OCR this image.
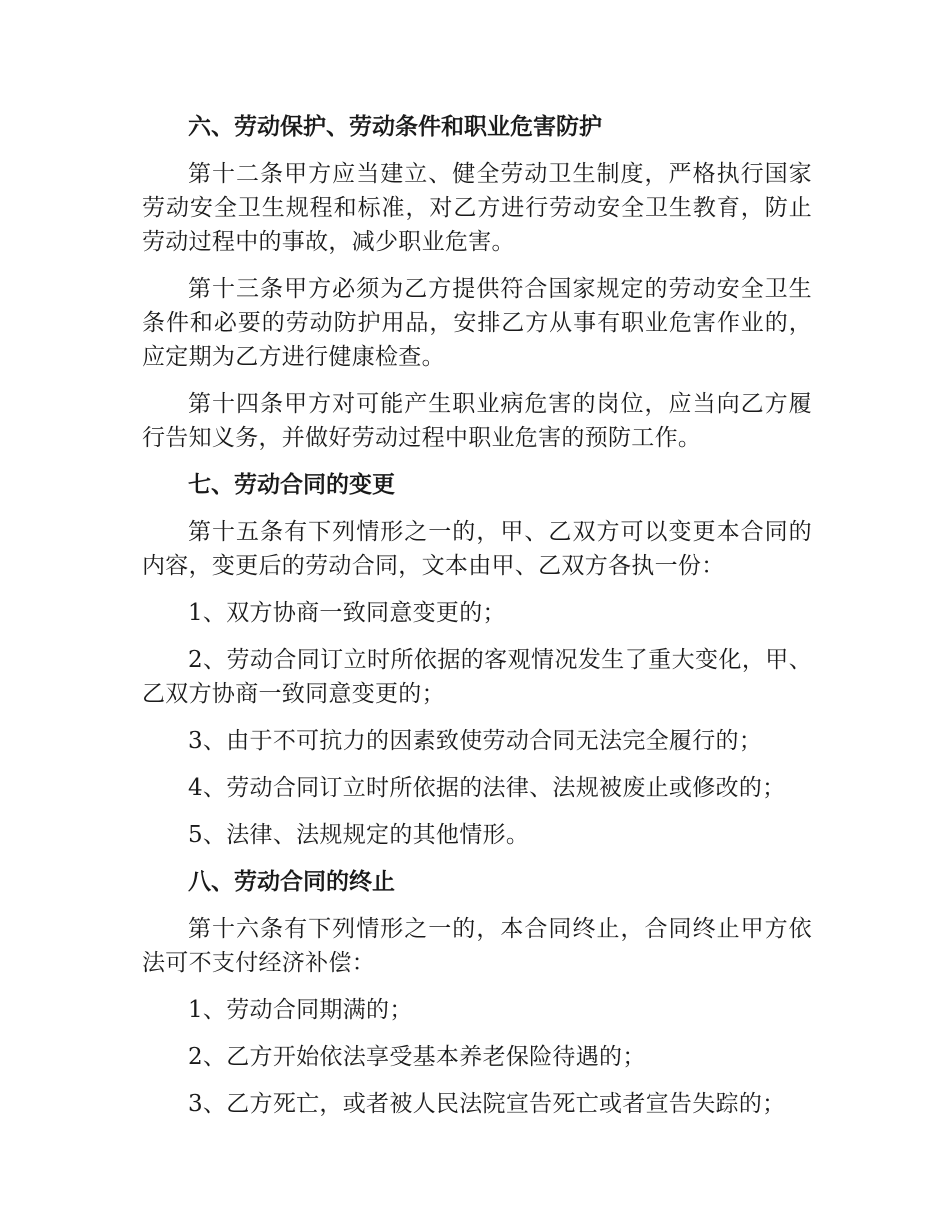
六、劳动保护、劳动条件和职业危害防护

第十二条甲方应当建立、健全劳动卫生制度，严格执行国家劳动安全卫生规程和标准，对乙方进行劳动安全卫生教育，防止劳动过程中的事故，减少职业危害。

第十三条甲方必须为乙方提供符合国家规定的劳动安全卫生条件和必要的劳动防护用品，安排乙方从事有职业危害作业的，应定期为乙方进行健康检查。

第十四条甲方对可能产生职业病危害的岗位，应当向乙方履行告知义务，并做好劳动过程中职业危害的预防工作。

七、劳动合同的变更

第十五条有下列情形之一的，甲、乙双方可以变更本合同的内容，变更后的劳动合同，文本由甲、乙双方各执一份：

1、双方协商一致同意变更的；

2、劳动合同订立时所依据的客观情况发生了重大变化，甲、乙双方协商一致同意变更的；

3、由于不可抗力的因素致使劳动合同无法完全履行的；

4、劳动合同订立时所依据的法律、法规被废止或修改的；

5、法律、法规规定的其他情形。

八、劳动合同的终止

第十六条有下列情形之一的，本合同终止，合同终止甲方依法可不支付经济补偿：

1、劳动合同期满的；

2、乙方开始依法享受基本养老保险待遇的；

3、乙方死亡，或者被人民法院宣告死亡或者宣告失踪的；
